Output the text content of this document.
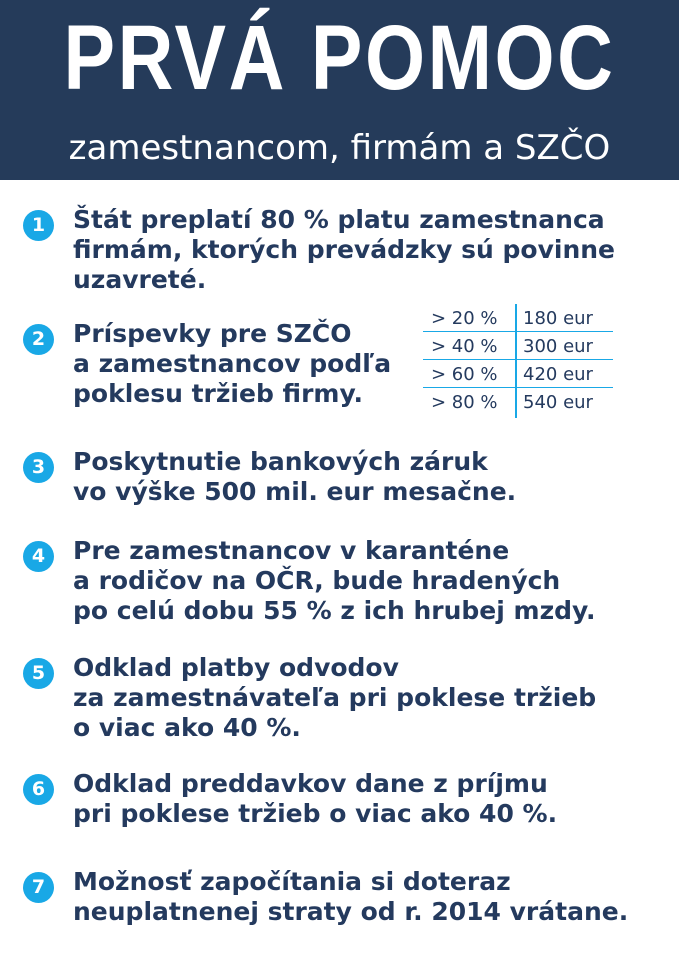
PRVÁ POMOC
zamestnancom, firmám a SZČO
1	Štát preplatí 80 % platu zamestnanca
firmám, ktorých prevádzky sú povinne
uzavreté.
2	Príspevky pre SZČO
a zamestnancov podľa
poklesu tržieb firmy.
> 20 % 180 eur
> 40 % 300 eur
> 60 % 420 eur
> 80 % 540 eur
3	Poskytnutie bankových záruk
vo výške 500 mil. eur mesačne.
4	Pre zamestnancov v karanténe
a rodičov na OČR, bude hradených
po celú dobu 55 % z ich hrubej mzdy.
5	Odklad platby odvodov
za zamestnávateľa pri poklese tržieb
o viac ako 40 %.
6	Odklad preddavkov dane z príjmu
pri poklese tržieb o viac ako 40 %.
7	Možnosť započítania si doteraz
neuplatnenej straty od r. 2014 vrátane.
